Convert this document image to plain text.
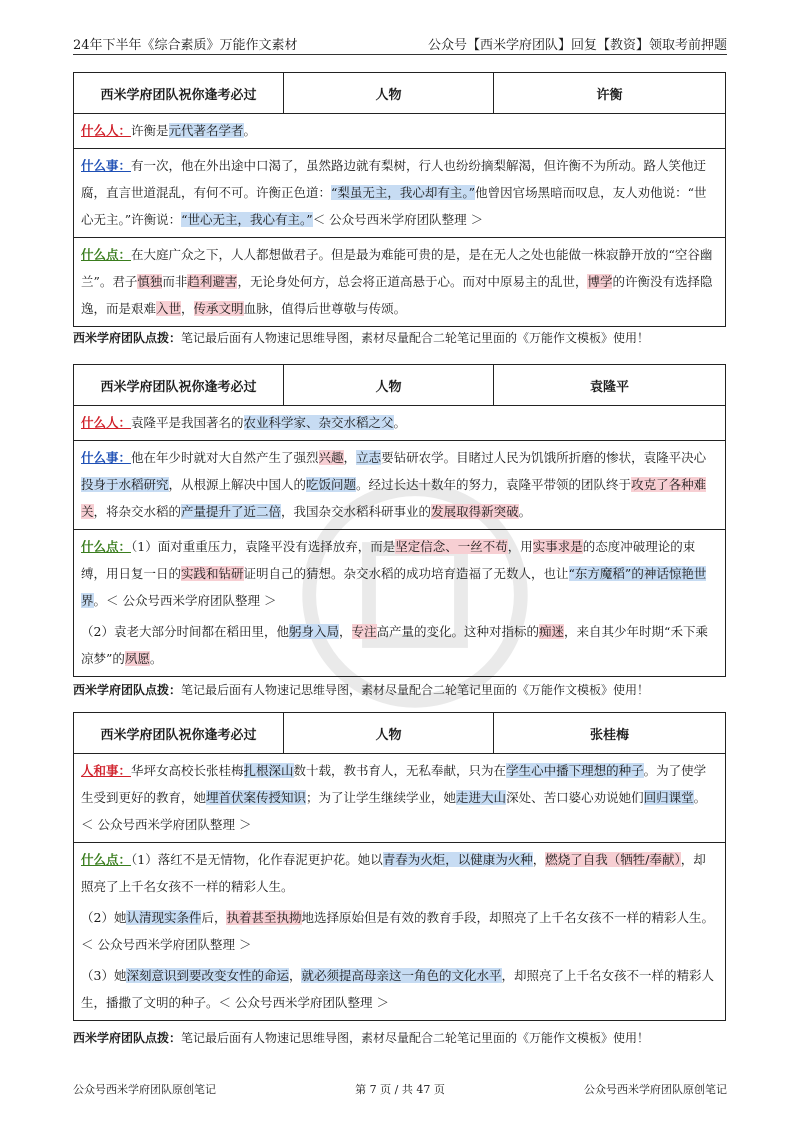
24年下半年《综合素质》万能作文素材	公众号【西米学府团队】回复【教资】领取考前押题
西米学府团队祝你逢考必过	人物	许衡

什么人：许衡是元代著名学者。

什么事：有一次，他在外出途中口渴了，虽然路边就有梨树，行人也纷纷摘梨解渴，但许衡不为所动。路人笑他迂腐，直言世道混乱，有何不可。许衡正色道：“梨虽无主，我心却有主。”他曾因官场黑暗而叹息，友人劝他说：“世心无主。”许衡说：“世心无主，我心有主。”＜ 公众号西米学府团队整理 ＞

什么点：在大庭广众之下，人人都想做君子。但是最为难能可贵的是，是在无人之处也能做一株寂静开放的“空谷幽兰”。君子慎独而非趋利避害，无论身处何方，总会将正道高悬于心。而对中原易主的乱世，博学的许衡没有选择隐逸，而是艰难入世，传承文明血脉，值得后世尊敬与传颂。

西米学府团队点拨：笔记最后面有人物速记思维导图，素材尽量配合二轮笔记里面的《万能作文模板》使用！
西米学府团队祝你逢考必过	人物	袁隆平

什么人：袁隆平是我国著名的农业科学家、杂交水稻之父。

什么事：他在年少时就对大自然产生了强烈兴趣，立志要钻研农学。目睹过人民为饥饿所折磨的惨状，袁隆平决心投身于水稻研究，从根源上解决中国人的吃饭问题。经过长达十数年的努力，袁隆平带领的团队终于攻克了各种难关，将杂交水稻的产量提升了近二倍，我国杂交水稻科研事业的发展取得新突破。

什么点：（1）面对重重压力，袁隆平没有选择放弃，而是坚定信念、一丝不苟，用实事求是的态度冲破理论的束缚，用日复一日的实践和钻研证明自己的猜想。杂交水稻的成功培育造福了无数人，也让“东方魔稻”的神话惊艳世界。＜ 公众号西米学府团队整理 ＞

（2）袁老大部分时间都在稻田里，他躬身入局，专注高产量的变化。这种对指标的痴迷，来自其少年时期“禾下乘凉梦”的夙愿。

西米学府团队点拨：笔记最后面有人物速记思维导图，素材尽量配合二轮笔记里面的《万能作文模板》使用！
西米学府团队祝你逢考必过	人物	张桂梅

人和事：华坪女高校长张桂梅扎根深山数十载，教书育人，无私奉献，只为在学生心中播下理想的种子。为了使学生受到更好的教育，她埋首伏案传授知识；为了让学生继续学业，她走进大山深处、苦口婆心劝说她们回归课堂。＜ 公众号西米学府团队整理 ＞

什么点：（1）落红不是无情物，化作春泥更护花。她以青春为火炬，以健康为火种，燃烧了自我（牺牲/奉献），却照亮了上千名女孩不一样的精彩人生。

（2）她认清现实条件后，执着甚至执拗地选择原始但是有效的教育手段，却照亮了上千名女孩不一样的精彩人生。＜ 公众号西米学府团队整理 ＞

（3）她深刻意识到要改变女性的命运，就必须提高母亲这一角色的文化水平，却照亮了上千名女孩不一样的精彩人生，播撒了文明的种子。＜ 公众号西米学府团队整理 ＞

西米学府团队点拨：笔记最后面有人物速记思维导图，素材尽量配合二轮笔记里面的《万能作文模板》使用！
公众号西米学府团队原创笔记	第 7 页 / 共 47 页	公众号西米学府团队原创笔记
